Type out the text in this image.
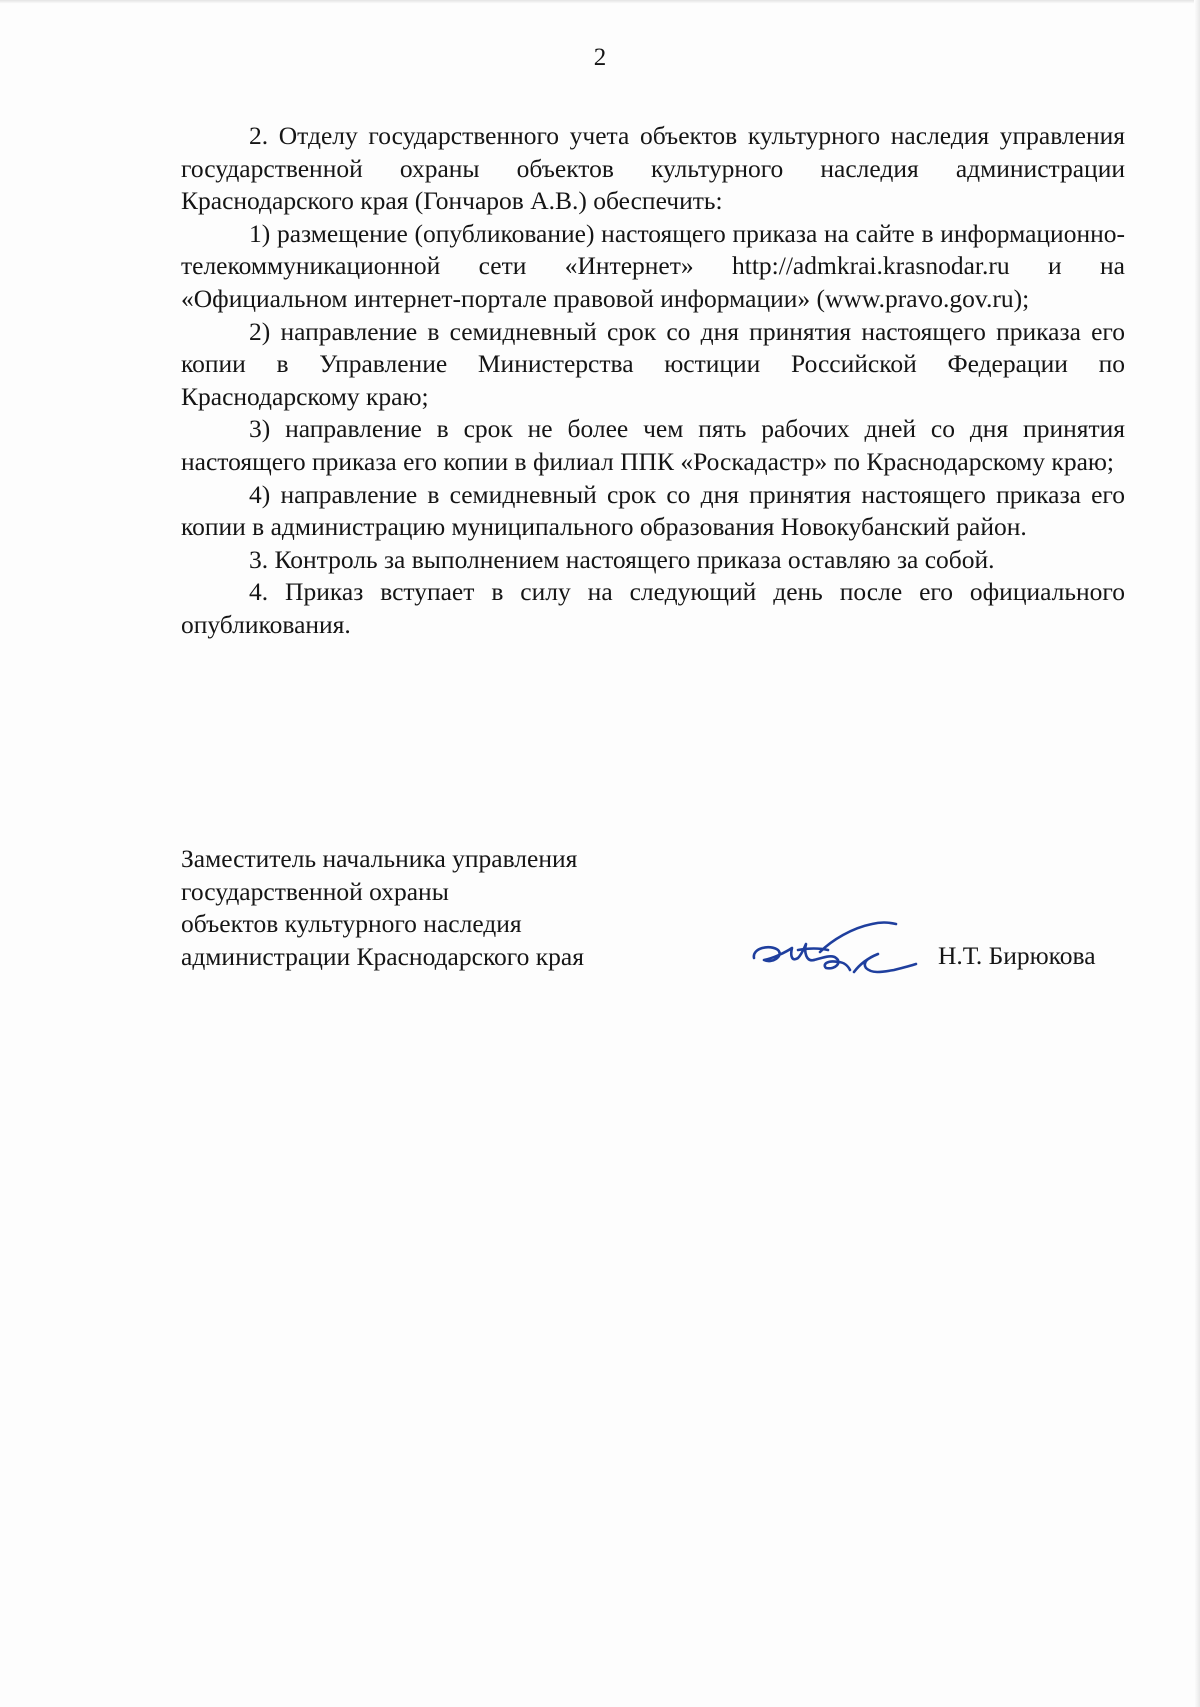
2

2. Отделу государственного учета объектов культурного наследия управления государственной охраны объектов культурного наследия администрации Краснодарского края (Гончаров А.В.) обеспечить:

1) размещение (опубликование) настоящего приказа на сайте в информационно-телекоммуникационной сети «Интернет» http://admkrai.krasnodar.ru и на «Официальном интернет-портале правовой информации» (www.pravo.gov.ru);

2) направление в семидневный срок со дня принятия настоящего приказа его копии в Управление Министерства юстиции Российской Федерации по Краснодарскому краю;

3) направление в срок не более чем пять рабочих дней со дня принятия настоящего приказа его копии в филиал ППК «Роскадастр» по Краснодарскому краю;

4) направление в семидневный срок со дня принятия настоящего приказа его копии в администрацию муниципального образования Новокубанский район.

3. Контроль за выполнением настоящего приказа оставляю за собой.

4. Приказ вступает в силу на следующий день после его официального опубликования.

Заместитель начальника управления
государственной охраны
объектов культурного наследия
администрации Краснодарского края	Н.Т. Бирюкова
